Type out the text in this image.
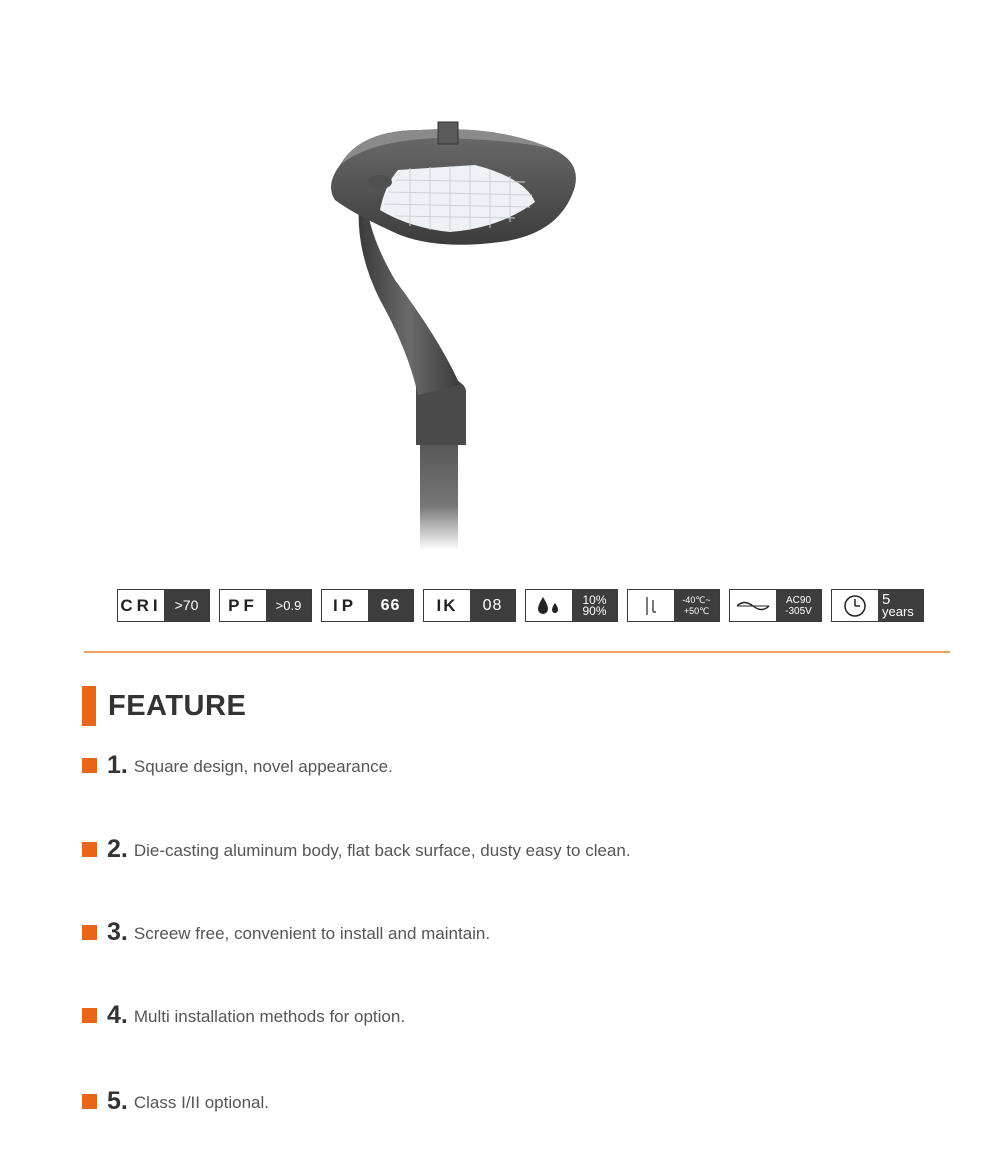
CRI >70	PF	>0.9	IP	66	IK	08	10%
90%
-40℃~
+50℃
AC90
-305V
5
years
FEATURE
1. Square design, novel appearance.
2. Die-casting aluminum body, flat back surface, dusty easy to clean.
3. Screew free, convenient to install and maintain.
4. Multi installation methods for option.
5. Class I/II optional.
